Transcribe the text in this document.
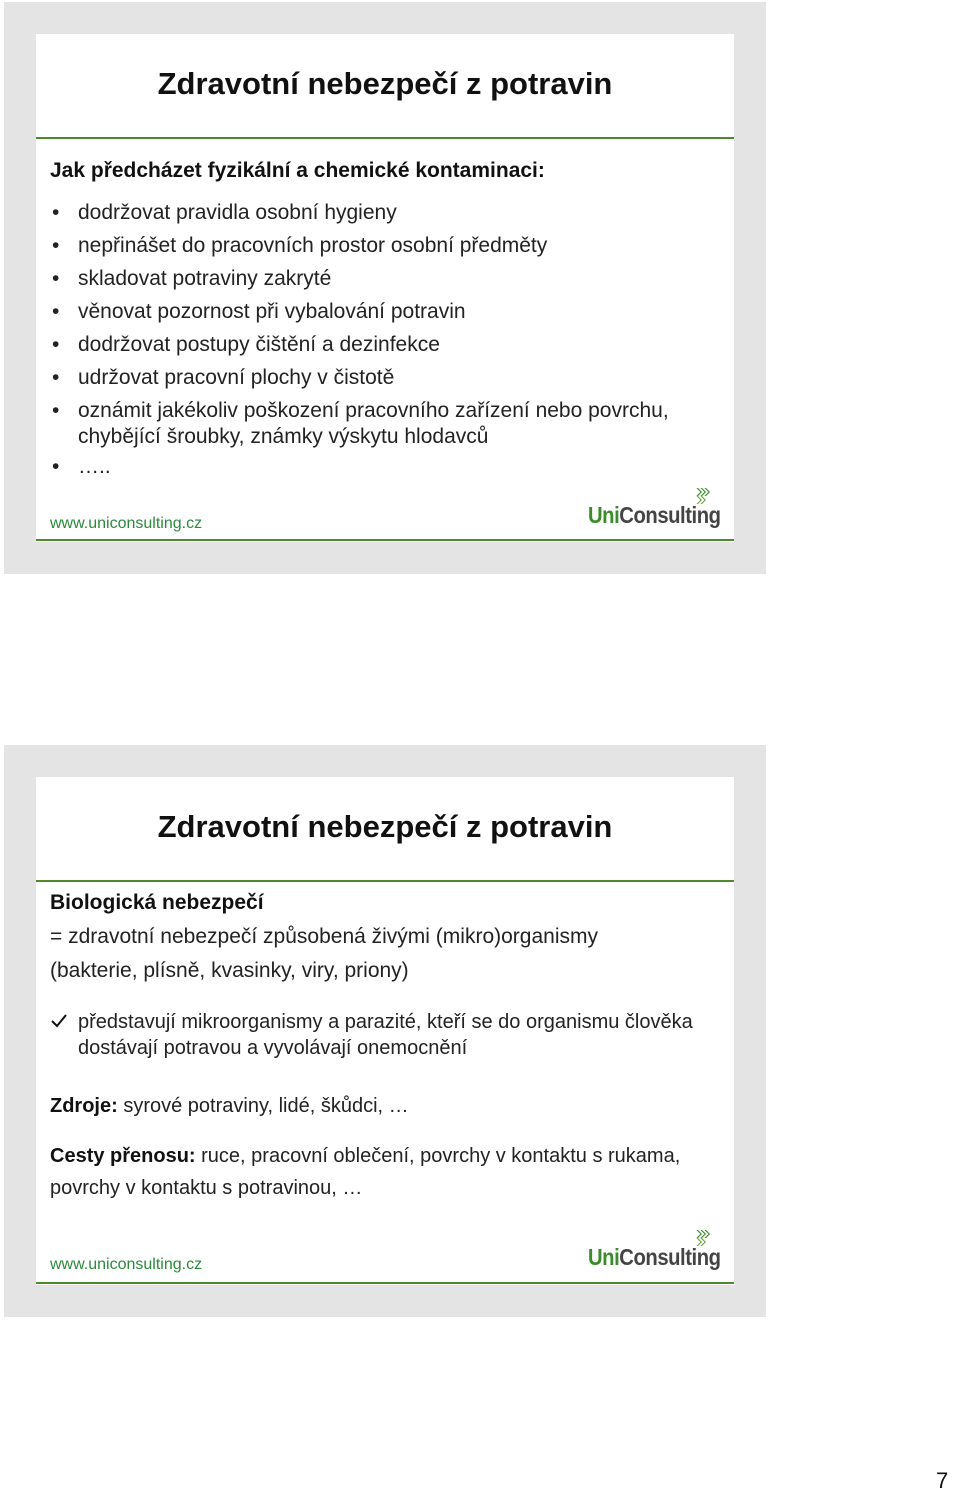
Zdravotní nebezpečí z potravin
Jak předcházet fyzikální a chemické kontaminaci:
• dodržovat pravidla osobní hygieny
• nepřinášet do pracovních prostor osobní předměty
• skladovat potraviny zakryté
• věnovat pozornost při vybalování potravin
• dodržovat postupy čištění a dezinfekce
• udržovat pracovní plochy v čistotě
• oznámit jakékoliv poškození pracovního zařízení nebo povrchu, chybějící šroubky, známky výskytu hlodavců
• …..
www.uniconsulting.cz	UniConsulting
Zdravotní nebezpečí z potravin
Biologická nebezpečí
= zdravotní nebezpečí způsobená živými (mikro)organismy
(bakterie, plísně, kvasinky, viry, priony)
představují mikroorganismy a parazité, kteří se do organismu člověka dostávají potravou a vyvolávají onemocnění
Zdroje: syrové potraviny, lidé, škůdci, …
Cesty přenosu: ruce, pracovní oblečení, povrchy v kontaktu s rukama, povrchy v kontaktu s potravinou, …
www.uniconsulting.cz	UniConsulting
7
